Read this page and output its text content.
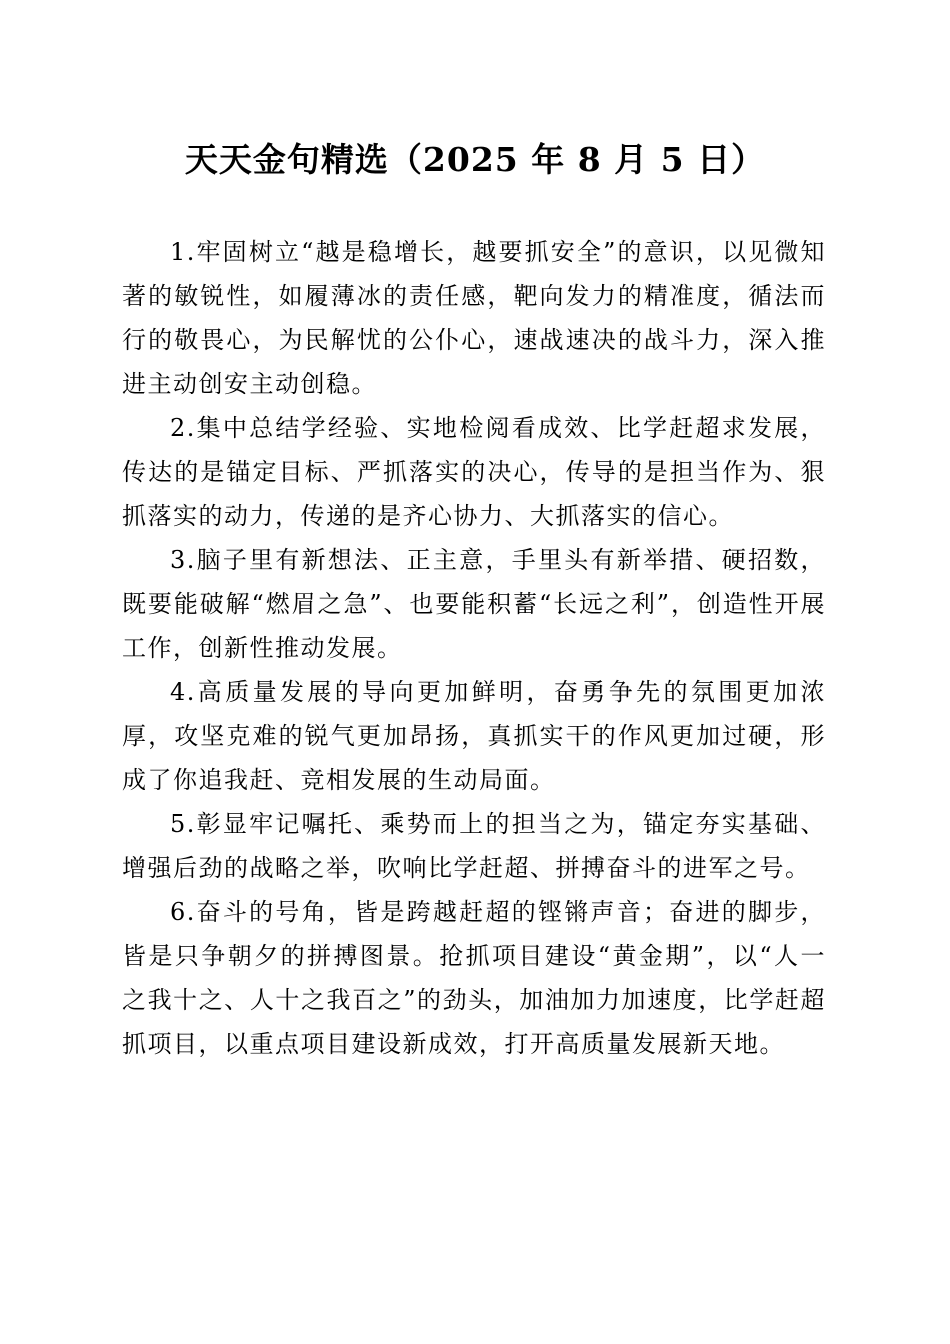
天天金句精选（2025 年 8 月 5 日）

1.牢固树立“越是稳增长，越要抓安全”的意识，以见微知著的敏锐性，如履薄冰的责任感，靶向发力的精准度，循法而行的敬畏心，为民解忧的公仆心，速战速决的战斗力，深入推进主动创安主动创稳。

2.集中总结学经验、实地检阅看成效、比学赶超求发展，传达的是锚定目标、严抓落实的决心，传导的是担当作为、狠抓落实的动力，传递的是齐心协力、大抓落实的信心。

3.脑子里有新想法、正主意，手里头有新举措、硬招数，既要能破解“燃眉之急”、也要能积蓄“长远之利”，创造性开展工作，创新性推动发展。

4.高质量发展的导向更加鲜明，奋勇争先的氛围更加浓厚，攻坚克难的锐气更加昂扬，真抓实干的作风更加过硬，形成了你追我赶、竞相发展的生动局面。

5.彰显牢记嘱托、乘势而上的担当之为，锚定夯实基础、增强后劲的战略之举，吹响比学赶超、拼搏奋斗的进军之号。

6.奋斗的号角，皆是跨越赶超的铿锵声音；奋进的脚步，皆是只争朝夕的拼搏图景。抢抓项目建设“黄金期”，以“人一之我十之、人十之我百之”的劲头，加油加力加速度，比学赶超抓项目，以重点项目建设新成效，打开高质量发展新天地。
